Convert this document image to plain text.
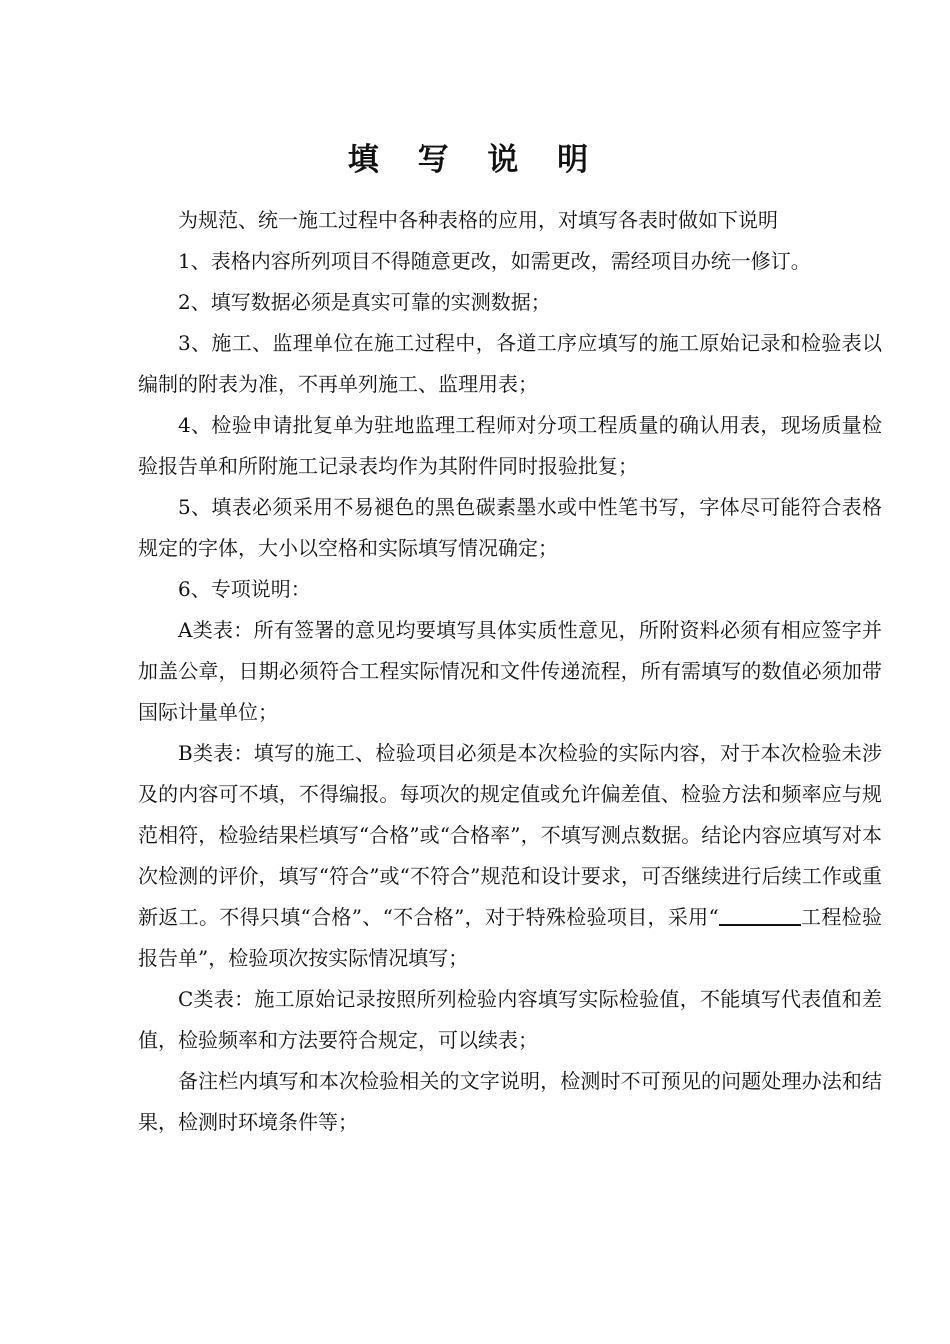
填 写 说 明

为规范、统一施工过程中各种表格的应用，对填写各表时做如下说明

1、表格内容所列项目不得随意更改，如需更改，需经项目办统一修订。

2、填写数据必须是真实可靠的实测数据；

3、施工、监理单位在施工过程中，各道工序应填写的施工原始记录和检验表以编制的附表为准，不再单列施工、监理用表；

4、检验申请批复单为驻地监理工程师对分项工程质量的确认用表，现场质量检验报告单和所附施工记录表均作为其附件同时报验批复；

5、填表必须采用不易褪色的黑色碳素墨水或中性笔书写，字体尽可能符合表格规定的字体，大小以空格和实际填写情况确定；

6、专项说明：

A类表：所有签署的意见均要填写具体实质性意见，所附资料必须有相应签字并加盖公章，日期必须符合工程实际情况和文件传递流程，所有需填写的数值必须加带国际计量单位；

B类表：填写的施工、检验项目必须是本次检验的实际内容，对于本次检验未涉及的内容可不填，不得编报。每项次的规定值或允许偏差值、检验方法和频率应与规范相符，检验结果栏填写“合格”或“合格率”，不填写测点数据。结论内容应填写对本次检测的评价，填写“符合”或“不符合”规范和设计要求，可否继续进行后续工作或重新返工。不得只填“合格”、“不合格”，对于特殊检验项目，采用“	工程检验报告单”，检验项次按实际情况填写；

C类表：施工原始记录按照所列检验内容填写实际检验值，不能填写代表值和差值，检验频率和方法要符合规定，可以续表；

备注栏内填写和本次检验相关的文字说明，检测时不可预见的问题处理办法和结果，检测时环境条件等；
